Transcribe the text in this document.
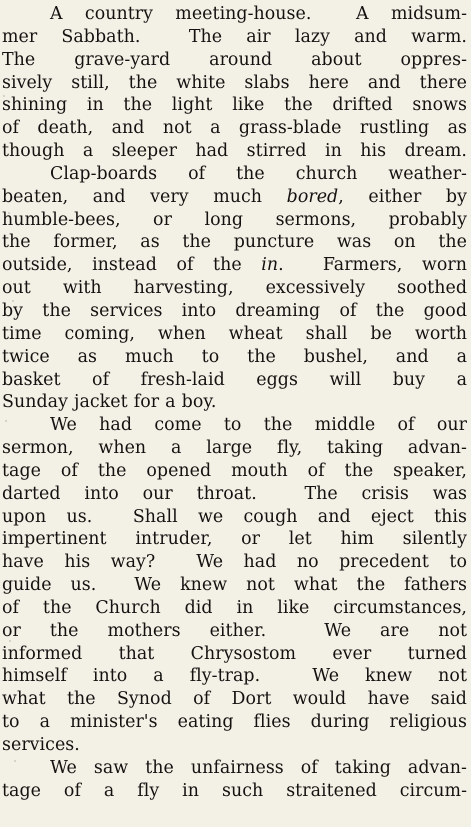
A country meeting-house.  A midsum-
mer Sabbath.  The air lazy and warm.
The grave-yard around about oppres-
sively still, the white slabs here and there
shining in the light like the drifted snows
of death, and not a grass-blade rustling as
though a sleeper had stirred in his dream.
Clap-boards of the church weather-
beaten, and very much bored, either by
humble-bees, or long sermons, probably
the former, as the puncture was on the
outside, instead of the in.  Farmers, worn
out with harvesting, excessively soothed
by the services into dreaming of the good
time coming, when wheat shall be worth
twice as much to the bushel, and a
basket of fresh-laid eggs will buy a
Sunday jacket for a boy.
We had come to the middle of our
sermon, when a large fly, taking advan-
tage of the opened mouth of the speaker,
darted into our throat.  The crisis was
upon us.  Shall we cough and eject this
impertinent intruder, or let him silently
have his way?  We had no precedent to
guide us.  We knew not what the fathers
of the Church did in like circumstances,
or the mothers either.  We are not
informed that Chrysostom ever turned
himself into a fly-trap.  We knew not
what the Synod of Dort would have said
to a minister's eating flies during religious
services.
We saw the unfairness of taking advan-
tage of a fly in such straitened circum-
